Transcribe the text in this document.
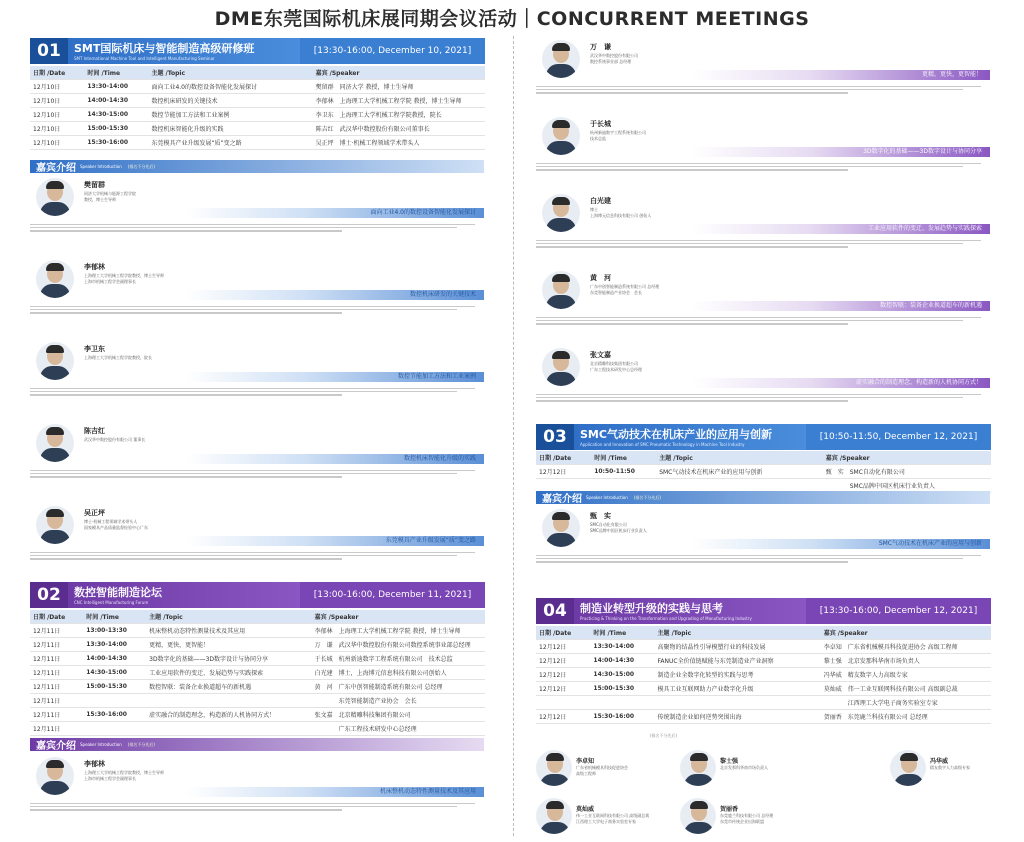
DME东莞国际机床展同期会议活动｜CONCURRENT MEETINGS
01	SMT国际机床与智能制造高级研修班
SMT International Machine Tool and Intelligent Manufacturing Seminar
[13:30-16:00, December 10, 2021]
日期 /Date	时间 /Time	主题 /Topic	嘉宾 /Speaker
12月10日	13:30-14:00	面向工业4.0的数控设备智能化发展探讨	樊留群　同济大学 教授，博士生导师
12月10日	14:00-14:30	数控机床研发的关键技术	李郁林　上海理工大学机械工程学院 教授，博士生导师
12月10日	14:30-15:00	数控节能加工方法和工业案例	李卫东　上海理工大学机械工程学院教授，院长
12月10日	15:00-15:30	数控机床智能化升级的实践	陈吉红　武汉华中数控股份有限公司董事长
12月10日	15:30-16:00	东莞模具产业升级发展“质”变之路	吴正坪　博士·机械工程领域学术带头人
嘉宾介绍 Speaker Introduction (排名不分先后)
樊留群
同济大学机械与能源工程学院
教授，博士生导师
面向工业4.0的数控设备智能化发展探讨
李郁林
上海理工大学机械工程学院教授，博士生导师
上海市机械工程学会副理事长
数控机床研发的关键技术
李卫东
上海理工大学机械工程学院教授，院长
数控节能加工方法和工业案例
陈吉红
武汉华中数控股份有限公司 董事长
数控机床智能化升级的实践
吴正坪
博士·机械工程领域学术带头人
国家模具产品质量监督检验中心广东
东莞模具产业升级发展“质”变之路
02	数控智能制造论坛
CNC Intelligent Manufacturing Forum
[13:00-16:00, December 11, 2021]
日期 /Date	时间 /Time	主题 /Topic	嘉宾 /Speaker
12月11日	13:00-13:30	机床整机动态特性测量技术及其应用	李郁林　上海理工大学机械工程学院 教授，博士生导师
12月11日	13:30-14:00	更精，更快，更智能！	万　谦　武汉华中数控股份有限公司数控系统事业部总经理
12月11日	14:00-14:30	3D数字化的基础——3D数字设计与协同分享	于长城　杭州新迪数字工程系统有限公司　技术总监
12月11日	14:30-15:00	工业应用软件的变迁、发展趋势与实践探索	白光建　博士，上海博元信息科技有限公司创始人
12月11日	15:00-15:30	数控智联：装备企业换道超车的新机遇	黄　河　广东中创智能制造系统有限公司 总经理
12月11日			　　　　东莞智能制造产业协会　会长
12月11日	15:30-16:00	虚实融合的制造理念，构造新的人机协同方式！	张文嘉　北京精雕科技集团有限公司
12月11日			　　　　广东工程技术研发中心总经理
嘉宾介绍 Speaker Introduction (排名不分先后)
李郁林
上海理工大学机械工程学院教授，博士生导师
上海市机械工程学会副理事长
机床整机动态特性测量技术及其应用
万　谦
武汉华中数控股份有限公司
数控系统事业部 总经理
更精，更快，更智能！
于长城
杭州新迪数字工程系统有限公司
技术总监
3D数字化的基础——3D数字设计与协同分享
白光建
博士
上海博元信息科技有限公司 创始人
工业应用软件的变迁、发展趋势与实践探索
黄　河
广东中创智能制造系统有限公司 总经理
东莞智能制造产业协会　会长
数控智联：装备企业换道超车的新机遇
张文嘉
北京精雕科技集团有限公司
广东工程技术研发中心总经理
虚实融合的制造理念，构造新的人机协同方式！
03	SMC气动技术在机床产业的应用与创新
Application and Innovation of SMC Pneumatic Technology in Machine Tool Industry
[10:50-11:50, December 12, 2021]
日期 /Date	时间 /Time	主题 /Topic	嘉宾 /Speaker
12月12日	10:50-11:50	SMC气动技术在机床产业的应用与创新	甄　实　SMC自动化有限公司
			　　　　SMC品牌中国区机床行业负责人
嘉宾介绍 Speaker Introduction (排名不分先后)
甄　实
SMC自动化有限公司
SMC品牌中国区机床行业负责人
SMC气动技术在机床产业的应用与创新
04	制造业转型升级的实践与思考
Practicing & Thinking on the Transformation and Upgrading of Manufacturing Industry
[13:30-16:00, December 12, 2021]
日期 /Date	时间 /Time	主题 /Topic	嘉宾 /Speaker
12月12日	13:30-14:00	高聚物的结晶性引导模塑行业的科技发展	李卓知　广东省机械模具科技促进协会 高级工程师
12月12日	14:00-14:30	FANUC全价值链赋能与东莞制造业产业洞察	黎士强　北京发那科华南市场负责人
12月12日	14:30-15:00	制造企业全数字化转型的实践与思考	冯华威　精友数字人力高级专家
12月12日	15:00-15:30	模具工业互联网助力产业数字化升级	莫灿威　伟一工业互联网科技有限公司 高级副总裁
			　　　　江西理工大学电子商务实验室专家
12月12日	15:30-16:00	传统制造企业如何逆势突围出海	贺丽香　东莞鹿兰科技有限公司 总经理
(排名不分先后)
李卓知
广东省机械模具科技促进协会
高级工程师
黎士强
北京发那科华南市场负责人
冯华威
精友数字人力高级专家
莫灿威
伟一工业互联网科技有限公司 高级副总裁
江西理工大学电子商务实验室专家
贺丽香
东莞鹿兰科技有限公司 总经理
东莞市传统企业出海联盟
